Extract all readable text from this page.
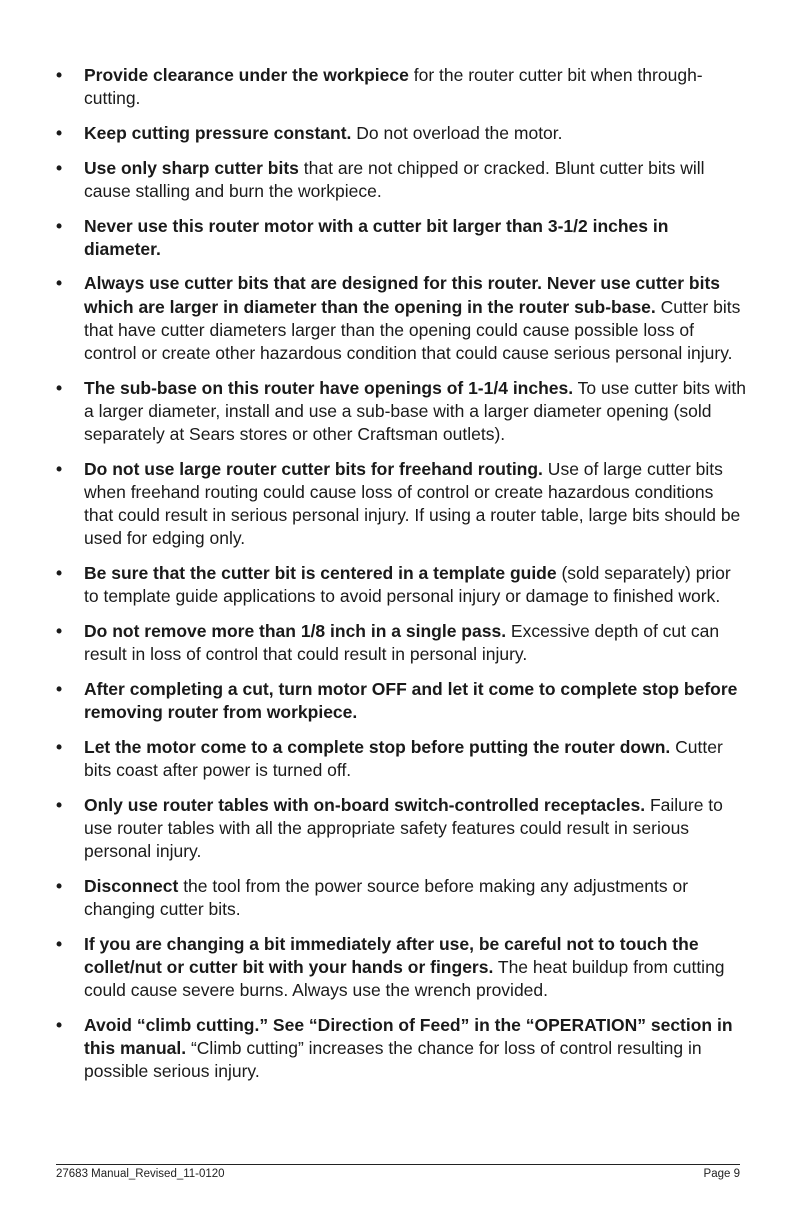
• Provide clearance under the workpiece for the router cutter bit when through-cutting.
• Keep cutting pressure constant. Do not overload the motor.
• Use only sharp cutter bits that are not chipped or cracked. Blunt cutter bits will cause stalling and burn the workpiece.
• Never use this router motor with a cutter bit larger than 3-1/2 inches in diameter.
• Always use cutter bits that are designed for this router. Never use cutter bits which are larger in diameter than the opening in the router sub-base. Cutter bits that have cutter diameters larger than the opening could cause possible loss of control or create other hazardous condition that could cause serious personal injury.
• The sub-base on this router have openings of 1-1/4 inches. To use cutter bits with a larger diameter, install and use a sub-base with a larger diameter opening (sold separately at Sears stores or other Craftsman outlets).
• Do not use large router cutter bits for freehand routing. Use of large cutter bits when freehand routing could cause loss of control or create hazardous conditions that could result in serious personal injury. If using a router table, large bits should be used for edging only.
• Be sure that the cutter bit is centered in a template guide (sold separately) prior to template guide applications to avoid personal injury or damage to finished work.
• Do not remove more than 1/8 inch in a single pass. Excessive depth of cut can result in loss of control that could result in personal injury.
• After completing a cut, turn motor OFF and let it come to complete stop before removing router from workpiece.
• Let the motor come to a complete stop before putting the router down. Cutter bits coast after power is turned off.
• Only use router tables with on-board switch-controlled receptacles. Failure to use router tables with all the appropriate safety features could result in serious personal injury.
• Disconnect the tool from the power source before making any adjustments or changing cutter bits.
• If you are changing a bit immediately after use, be careful not to touch the collet/nut or cutter bit with your hands or fingers. The heat buildup from cutting could cause severe burns. Always use the wrench provided.
• Avoid “climb cutting.” See “Direction of Feed” in the “OPERATION” section in this manual. “Climb cutting” increases the chance for loss of control resulting in possible serious injury.
27683 Manual_Revised_11-0120	Page 9
